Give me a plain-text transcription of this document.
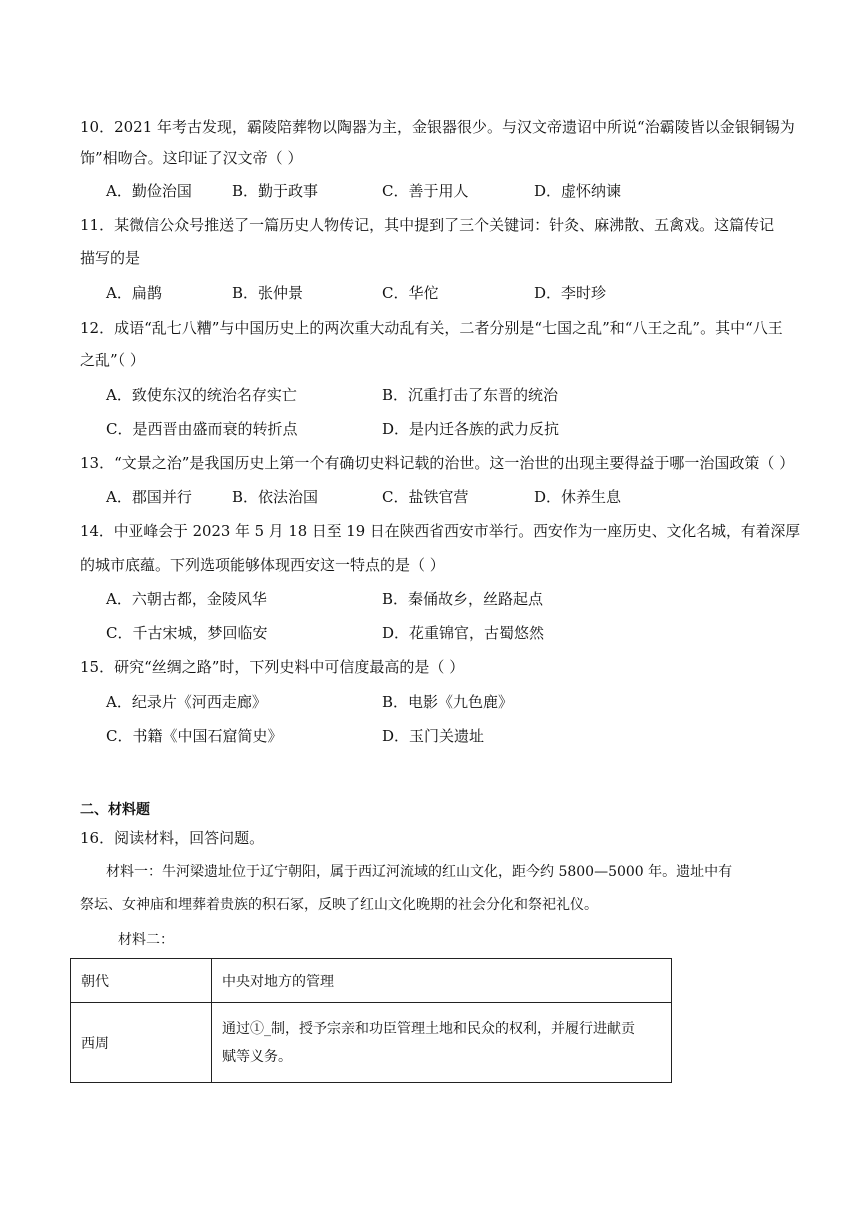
10．2021 年考古发现，霸陵陪葬物以陶器为主，金银器很少。与汉文帝遗诏中所说“治霸陵皆以金银铜锡为
饰”相吻合。这印证了汉文帝（ ）
A．勤俭治国	B．勤于政事	C．善于用人	D．虚怀纳谏
11．某微信公众号推送了一篇历史人物传记，其中提到了三个关键词：针灸、麻沸散、五禽戏。这篇传记
描写的是
A．扁鹊	B．张仲景	C．华佗	D．李时珍
12．成语“乱七八糟”与中国历史上的两次重大动乱有关，二者分别是“七国之乱”和“八王之乱”。其中“八王
之乱”（ ）
A．致使东汉的统治名存实亡	B．沉重打击了东晋的统治
C．是西晋由盛而衰的转折点	D．是内迁各族的武力反抗
13．“文景之治”是我国历史上第一个有确切史料记载的治世。这一治世的出现主要得益于哪一治国政策（ ）
A．郡国并行	B．依法治国	C．盐铁官营	D．休养生息
14．中亚峰会于 2023 年 5 月 18 日至 19 日在陕西省西安市举行。西安作为一座历史、文化名城，有着深厚
的城市底蕴。下列选项能够体现西安这一特点的是（ ）
A．六朝古都，金陵风华	B．秦俑故乡，丝路起点
C．千古宋城，梦回临安	D．花重锦官，古蜀悠然
15．研究“丝绸之路”时，下列史料中可信度最高的是（ ）
A．纪录片《河西走廊》	B．电影《九色鹿》
C．书籍《中国石窟简史》	D．玉门关遗址
二、材料题
16．阅读材料，回答问题。
材料一：牛河梁遗址位于辽宁朝阳，属于西辽河流域的红山文化，距今约 5800—5000 年。遗址中有
祭坛、女神庙和埋葬着贵族的积石冢，反映了红山文化晚期的社会分化和祭祀礼仪。
材料二：
朝代	中央对地方的管理
西周	通过①_制，授予宗亲和功臣管理土地和民众的权利，并履行进献贡
赋等义务。
